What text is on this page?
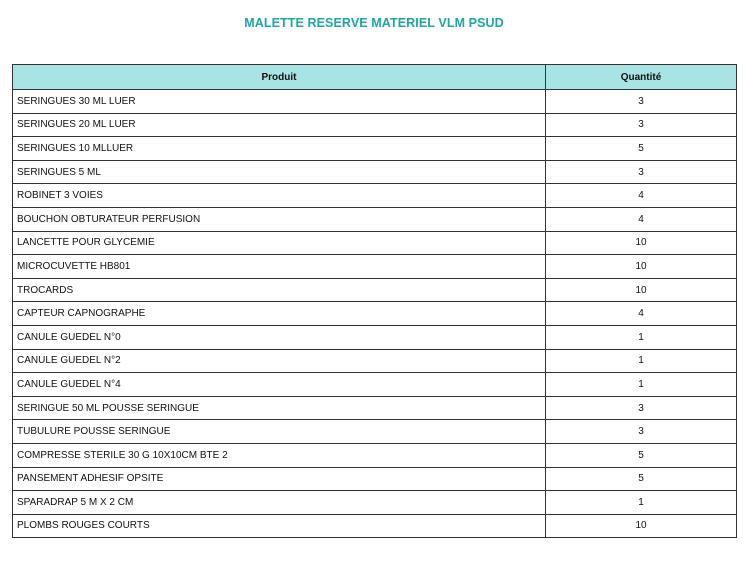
MALETTE RESERVE MATERIEL VLM PSUD
Produit	Quantité
SERINGUES 30 ML LUER	3
SERINGUES 20 ML LUER	3
SERINGUES 10 MLLUER	5
SERINGUES 5 ML	3
ROBINET 3 VOIES	4
BOUCHON OBTURATEUR PERFUSION	4
LANCETTE POUR GLYCEMIE	10
MICROCUVETTE HB801	10
TROCARDS	10
CAPTEUR CAPNOGRAPHE	4
CANULE GUEDEL N°0	1
CANULE GUEDEL N°2	1
CANULE GUEDEL N°4	1
SERINGUE 50 ML POUSSE SERINGUE	3
TUBULURE POUSSE SERINGUE	3
COMPRESSE STERILE 30 G 10X10CM BTE 2	5
PANSEMENT ADHESIF OPSITE	5
SPARADRAP 5 M X 2 CM	1
PLOMBS ROUGES COURTS	10
